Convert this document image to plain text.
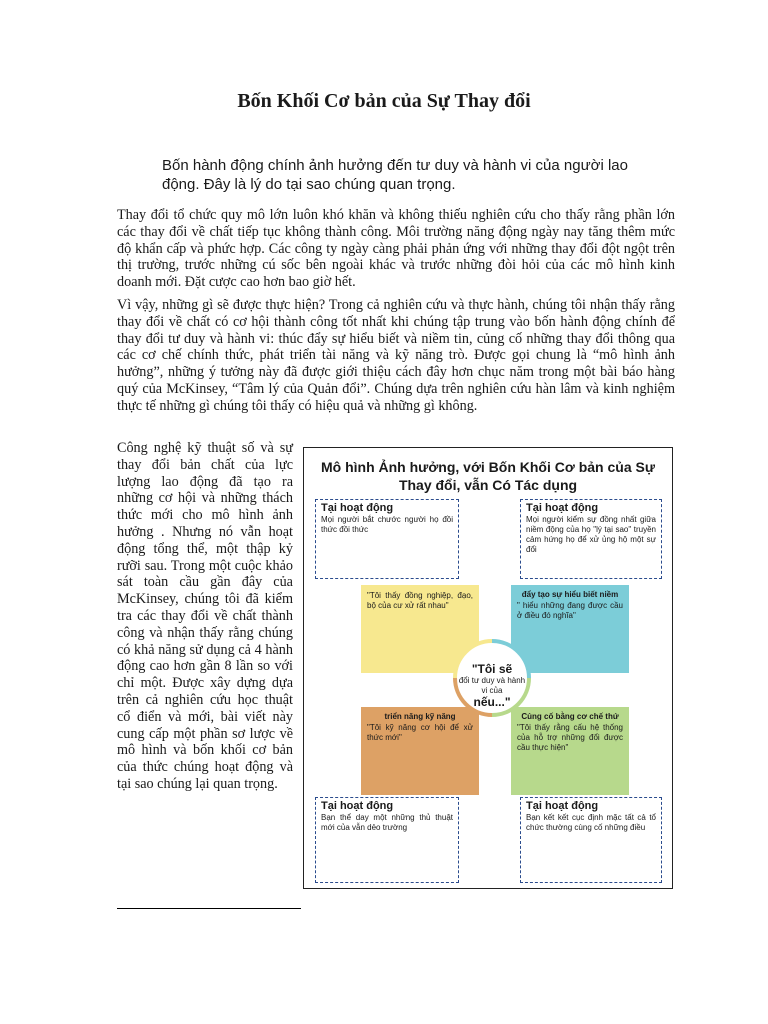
Bốn Khối Cơ bản của Sự Thay đổi
Bốn hành động chính ảnh hưởng đến tư duy và hành vi của người lao động. Đây là lý do tại sao chúng quan trọng.

Thay đổi tổ chức quy mô lớn luôn khó khăn và không thiếu nghiên cứu cho thấy rằng phần lớn các thay đổi về chất tiếp tục không thành công. Môi trường năng động ngày nay tăng thêm mức độ khẩn cấp và phức hợp. Các công ty ngày càng phải phản ứng với những thay đổi đột ngột trên thị trường, trước những cú sốc bên ngoài khác và trước những đòi hỏi của các mô hình kinh doanh mới. Đặt cược cao hơn bao giờ hết.

Vì vậy, những gì sẽ được thực hiện? Trong cả nghiên cứu và thực hành, chúng tôi nhận thấy rằng thay đổi về chất có cơ hội thành công tốt nhất khi chúng tập trung vào bốn hành động chính để thay đổi tư duy và hành vi: thúc đẩy sự hiểu biết và niềm tin, củng cố những thay đổi thông qua các cơ chế chính thức, phát triển tài năng và kỹ năng trò. Được gọi chung là “mô hình ảnh hưởng”, những ý tưởng này đã được giới thiệu cách đây hơn chục năm trong một bài báo hàng quý của McKinsey, “Tâm lý của Quản đổi”. Chúng dựa trên nghiên cứu hàn lâm và kinh nghiệm thực tế những gì chúng tôi thấy có hiệu quả và những gì không.

Công nghệ kỹ thuật số và sự thay đổi bản chất của lực lượng lao động đã tạo ra những cơ hội và những thách thức mới cho mô hình ảnh hưởng . Nhưng nó vẫn hoạt động tổng thể, một thập kỷ rưỡi sau. Trong một cuộc khảo sát toàn cầu gần đây của McKinsey, chúng tôi đã kiểm tra các thay đổi về chất thành công và nhận thấy rằng chúng có khả năng sử dụng cả 4 hành động cao hơn gần 8 lần so với chỉ một. Được xây dựng dựa trên cả nghiên cứu học thuật cổ điển và mới, bài viết này cung cấp một phần sơ lược về mô hình và bốn khối cơ bản của thức chúng hoạt động và tại sao chúng lại quan trọng.

Mô hình Ảnh hưởng, với Bốn Khối Cơ bản của Sự Thay đổi, vẫn Có Tác dụng
Tại hoạt động
Mọi người bắt chước người họ đồi thức đồi thức
Tại hoạt động
Mọi người kiểm sự đồng nhất giữa niềm động của họ "lý tại sao" truyền cảm hứng họ để xử ủng hộ một sự đổi
Tại hoạt động
Bạn thể day một những thủ thuật mới của vẫn dẻo trường
Tại hoạt động
Bạn kết kết cục định mặc tất cả tổ chức thường cùng cố những điều
"Tôi thấy đồng nghiệp, đạo, bộ của cư xử rất nhau"
đẩy tạo sự hiểu biết niềm
" hiểu những đang được cầu ở điều đó nghĩa"
triển năng kỹ năng
"Tôi kỹ năng cơ hội để xử thức mới"
Củng cố bằng cơ chế thứ
"Tôi thấy rằng cấu hệ thống của hỗ trợ những đổi được cầu thực hiện"
"Tôi sẽ
đổi tư duy và hành vi của
nếu..."
